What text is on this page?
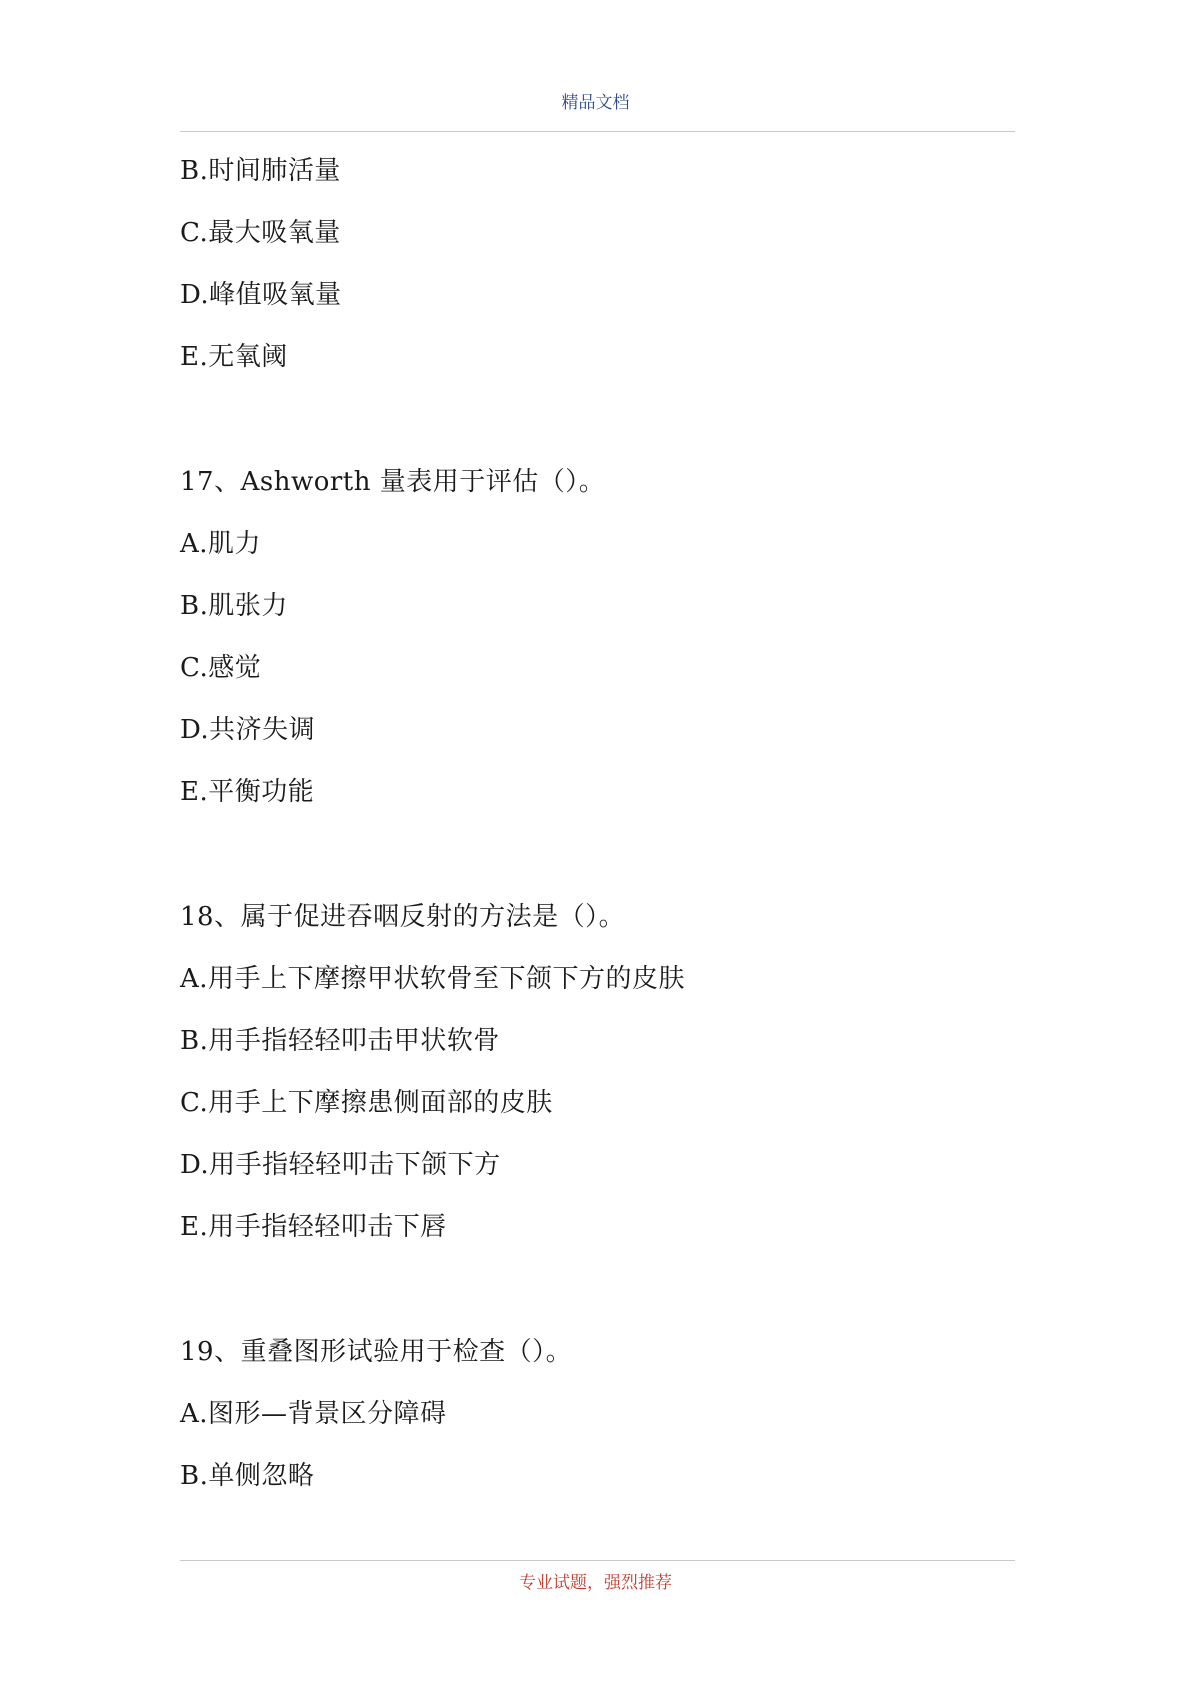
精品文档
B.时间肺活量
C.最大吸氧量
D.峰值吸氧量
E.无氧阈
17、Ashworth 量表用于评估（）。
A.肌力
B.肌张力
C.感觉
D.共济失调
E.平衡功能
18、属于促进吞咽反射的方法是（）。
A.用手上下摩擦甲状软骨至下颌下方的皮肤
B.用手指轻轻叩击甲状软骨
C.用手上下摩擦患侧面部的皮肤
D.用手指轻轻叩击下颌下方
E.用手指轻轻叩击下唇
19、重叠图形试验用于检查（）。
A.图形—背景区分障碍
B.单侧忽略
专业试题，强烈推荐
